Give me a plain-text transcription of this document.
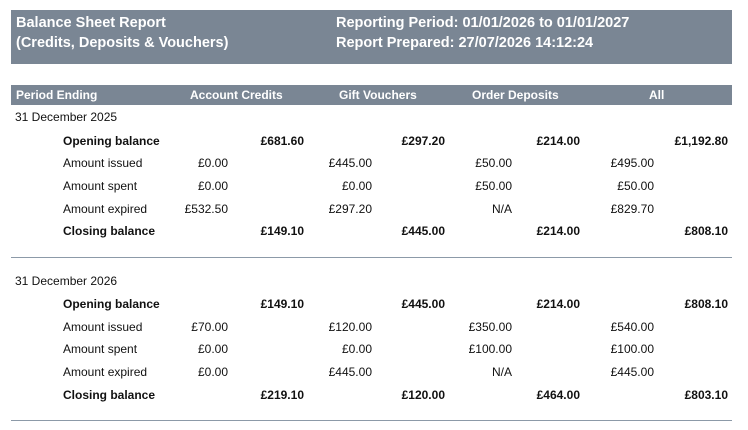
Balance Sheet Report
(Credits, Deposits & Vouchers)
Reporting Period: 01/01/2026 to 01/01/2027
Report Prepared: 27/07/2026 14:12:24
Period Ending	Account Credits	Gift Vouchers	Order Deposits	All
31 December 2025
Opening balance	£681.60	£297.20	£214.00	£1,192.80
Amount issued	£0.00	£445.00	£50.00	£495.00
Amount spent	£0.00	£0.00	£50.00	£50.00
Amount expired	£532.50	£297.20	N/A	£829.70
Closing balance	£149.10	£445.00	£214.00	£808.10
31 December 2026
Opening balance	£149.10	£445.00	£214.00	£808.10
Amount issued	£70.00	£120.00	£350.00	£540.00
Amount spent	£0.00	£0.00	£100.00	£100.00
Amount expired	£0.00	£445.00	N/A	£445.00
Closing balance	£219.10	£120.00	£464.00	£803.10
